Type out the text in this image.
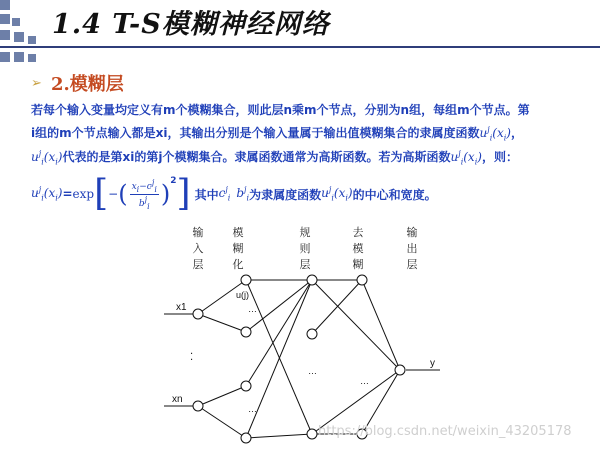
1.4 T-S模糊神经网络
➢ 2.模糊层
若每个输入变量均定义有m个模糊集合，则此层n乘m个节点，分别为n组，每组m个节点。第
i组的m个节点输入都是xi，其输出分别是个输入量属于输出值模糊集合的隶属度函数$u^j_i(x_i)$，
$u^j_i(x_i)$代表的是第xi的第j个模糊集合。隶属函数通常为高斯函数。若为高斯函数$u^j_i(x_i)$，则：
$u^j_i(x_i) = \exp$ [ − ( $\frac{x_i-c^j_i}{b^j_i} )^2$ ] 其中 $c^j_i$ $b^j_i$ 为隶属度函数 $u^j_i(x_i)$ 的中心和宽度。
输
入
层
模
糊
化
规
则
层
去
模
糊
输
出
层
x1
xn
⁚
u(j)
y
…
…
…
…
https://blog.csdn.net/weixin_43205178
